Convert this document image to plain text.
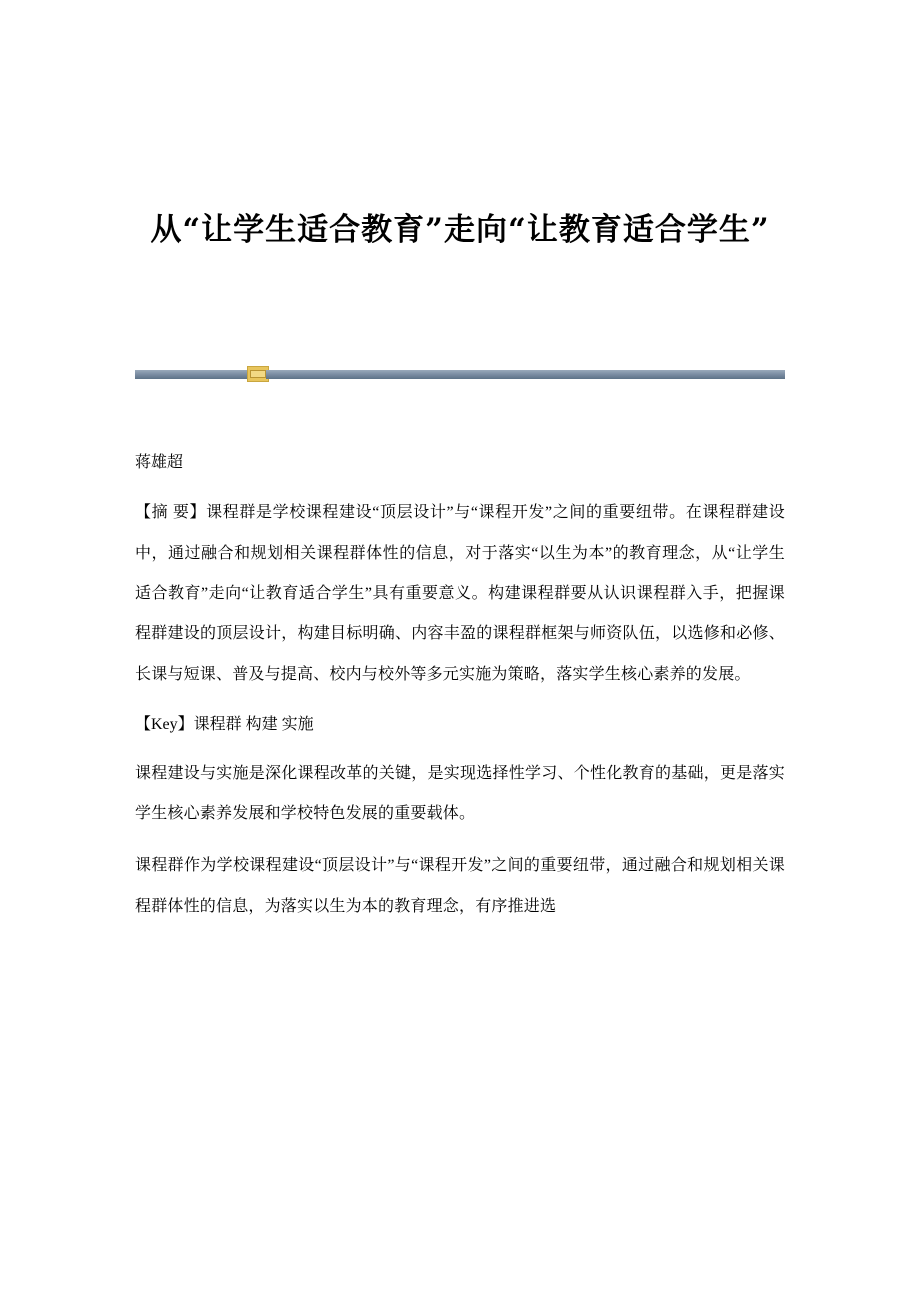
从“让学生适合教育”走向“让教育适合学生”

蒋雄超

【摘 要】课程群是学校课程建设“顶层设计”与“课程开发”之间的重要纽带。在课程群建设中，通过融合和规划相关课程群体性的信息，对于落实“以生为本”的教育理念，从“让学生适合教育”走向“让教育适合学生”具有重要意义。构建课程群要从认识课程群入手，把握课程群建设的顶层设计，构建目标明确、内容丰盈的课程群框架与师资队伍，以选修和必修、长课与短课、普及与提高、校内与校外等多元实施为策略，落实学生核心素养的发展。

【Key】课程群 构建 实施

课程建设与实施是深化课程改革的关键，是实现选择性学习、个性化教育的基础，更是落实学生核心素养发展和学校特色发展的重要载体。

课程群作为学校课程建设“顶层设计”与“课程开发”之间的重要纽带，通过融合和规划相关课程群体性的信息，为落实以生为本的教育理念，有序推进选
